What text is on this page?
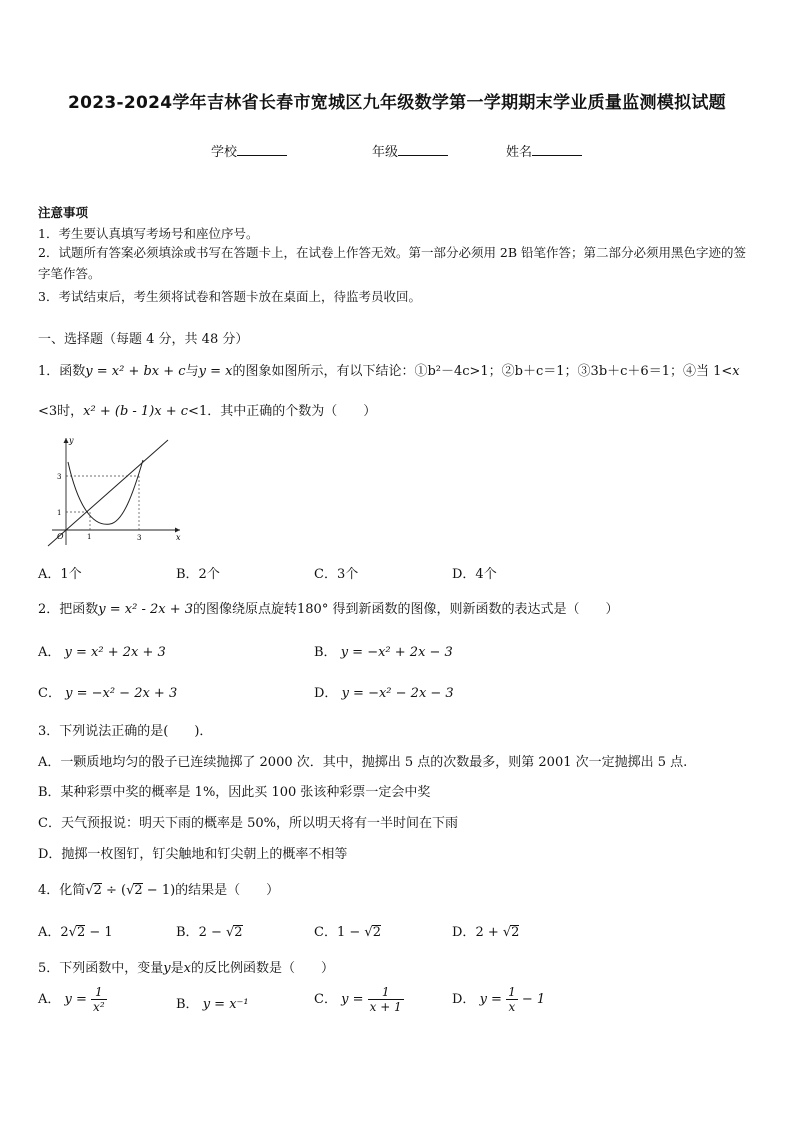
2023-2024学年吉林省长春市宽城区九年级数学第一学期期末学业质量监测模拟试题
学校	年级	姓名
注意事项
1．考生要认真填写考场号和座位序号。
2．试题所有答案必须填涂或书写在答题卡上，在试卷上作答无效。第一部分必须用 2B 铅笔作答；第二部分必须用黑色字迹的签字笔作答。
3．考试结束后，考生须将试卷和答题卡放在桌面上，待监考员收回。
一、选择题（每题 4 分，共 48 分）
1．函数y = x² + bx + c与y = x的图象如图所示，有以下结论：①b²－4c>1；②b＋c＝1；③3b＋c＋6＝1；④当 1<x
<3时，x² + (b - 1)x + c<1．其中正确的个数为（　　）
x
y
O	1	3
1
3
A．1个	B．2个	C．3个	D．4个
2．把函数y = x² - 2x + 3的图像绕原点旋转180° 得到新函数的图像，则新函数的表达式是（　　）
A． y = x² + 2x + 3	B． y = −x² + 2x − 3
C． y = −x² − 2x + 3	D． y = −x² − 2x − 3
3．下列说法正确的是(　　)．
A．一颗质地均匀的骰子已连续抛掷了 2000 次．其中，抛掷出 5 点的次数最多，则第 2001 次一定抛掷出 5 点.
B．某种彩票中奖的概率是 1%，因此买 100 张该种彩票一定会中奖
C．天气预报说：明天下雨的概率是 50%，所以明天将有一半时间在下雨
D．抛掷一枚图钉，钉尖触地和钉尖朝上的概率不相等
4．化简√2 ÷ (√2 − 1)的结果是（　　）
A．2√2 − 1	B．2 − √2	C．1 − √2	D．2 + √2
5．下列函数中，变量y是x的反比例函数是（　　）
A． $y = \frac{1}{\text{x²}}$	B． y = x⁻¹	C． $y = \frac{1}{x + 1}$	D． $y = \frac{1}{x} - 1$
